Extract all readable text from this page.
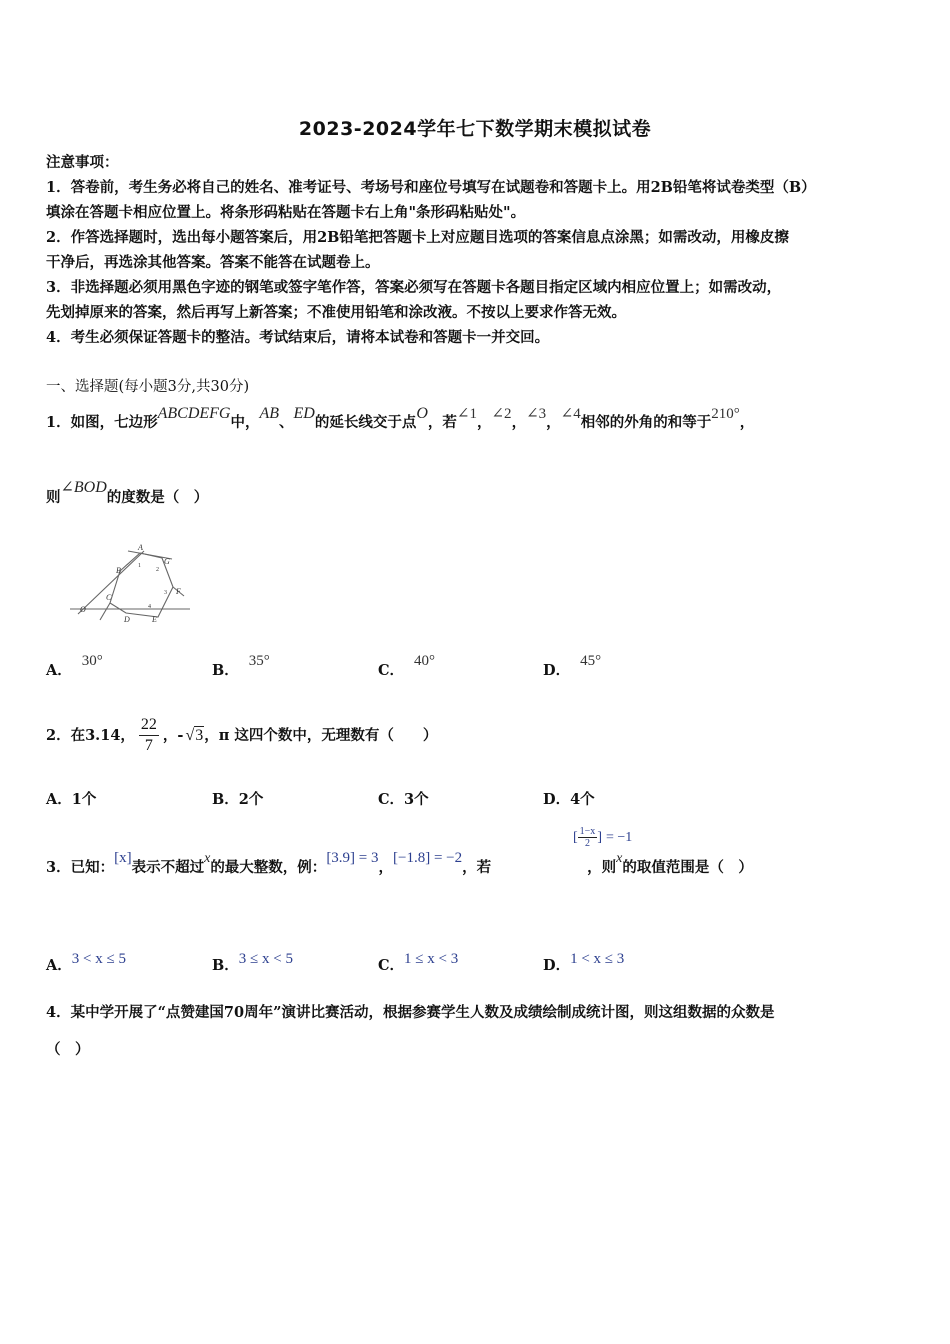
2023-2024学年七下数学期末模拟试卷
注意事项：
1．答卷前，考生务必将自己的姓名、准考证号、考场号和座位号填写在试题卷和答题卡上。用2B铅笔将试卷类型（B）
填涂在答题卡相应位置上。将条形码粘贴在答题卡右上角"条形码粘贴处"。
2．作答选择题时，选出每小题答案后，用2B铅笔把答题卡上对应题目选项的答案信息点涂黑；如需改动，用橡皮擦
干净后，再选涂其他答案。答案不能答在试题卷上。
3．非选择题必须用黑色字迹的钢笔或签字笔作答，答案必须写在答题卡各题目指定区域内相应位置上；如需改动，
先划掉原来的答案，然后再写上新答案；不准使用铅笔和涂改液。不按以上要求作答无效。
4．考生必须保证答题卡的整洁。考试结束后，请将本试卷和答题卡一并交回。
一、选择题(每小题3分,共30分)
1．如图，七边形ABCDEFG中，AB、ED的延长线交于点O，若∠1，∠2，∠3，∠4相邻的外角的和等于210°，
则∠BOD的度数是（　）
A
B
C
D	E
G
F
O
1
2
3
4
A．30°
B．35°
C．40°
D．45°
2．在3.14， $\frac{22}{7}$ ，- √3 ，π 这四个数中，无理数有（　　）
A．1个	B．2个	C．3个	D．4个
3．已知：[x]表示不超过x的最大整数，例：[3.9] = 3，[−1.8] = −2，若	，则x的取值范围是（　）
[ $\frac{1-x}{2}$ ] = −1
A．3 < x ≤ 5	B．3 ≤ x < 5	C．1 ≤ x < 3	D．1 < x ≤ 3
4．某中学开展了“点赞建国70周年”演讲比赛活动，根据参赛学生人数及成绩绘制成统计图，则这组数据的众数是
（　）
